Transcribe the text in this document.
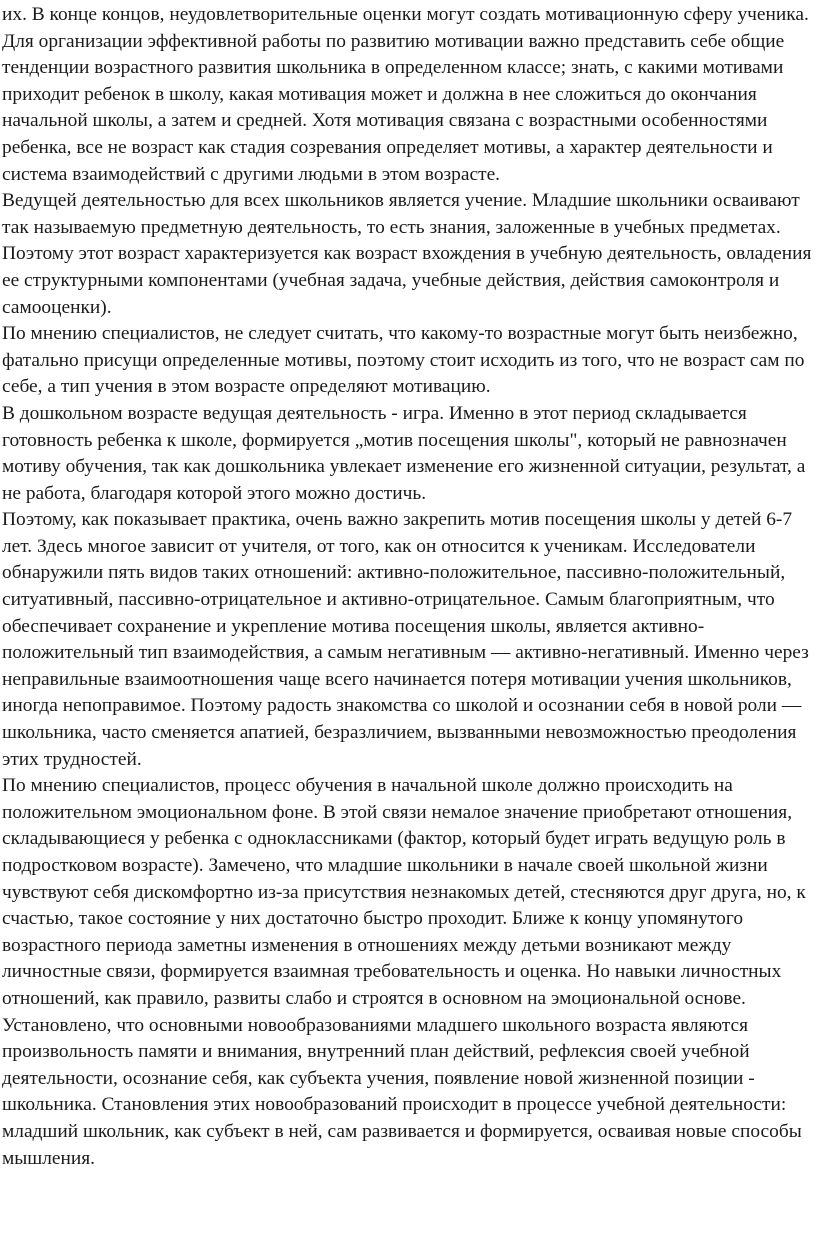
их. В конце концов, неудовлетворительные оценки могут создать мотивационную сферу ученика.

Для организации эффективной работы по развитию мотивации важно представить себе общие тенденции возрастного развития школьника в определенном классе; знать, с какими мотивами приходит ребенок в школу, какая мотивация может и должна в нее сложиться до окончания начальной школы, а затем и средней. Хотя мотивация связана с возрастными особенностями ребенка, все не возраст как стадия созревания определяет мотивы, а характер деятельности и система взаимодействий с другими людьми в этом возрасте.

Ведущей деятельностью для всех школьников является учение. Младшие школьники осваивают так называемую предметную деятельность, то есть знания, заложенные в учебных предметах. Поэтому этот возраст характеризуется как возраст вхождения в учебную деятельность, овладения ее структурными компонентами (учебная задача, учебные действия, действия самоконтроля и самооценки).

По мнению специалистов, не следует считать, что какому-то возрастные могут быть неизбежно, фатально присущи определенные мотивы, поэтому стоит исходить из того, что не возраст сам по себе, а тип учения в этом возрасте определяют мотивацию.

В дошкольном возрасте ведущая деятельность - игра. Именно в этот период складывается готовность ребенка к школе, формируется „мотив посещения школы", который не равнозначен мотиву обучения, так как дошкольника увлекает изменение его жизненной ситуации, результат, а не работа, благодаря которой этого можно достичь.

Поэтому, как показывает практика, очень важно закрепить мотив посещения школы у детей 6-7 лет. Здесь многое зависит от учителя, от того, как он относится к ученикам. Исследователи обнаружили пять видов таких отношений: активно-положительное, пассивно-положительный, ситуативный, пассивно-отрицательное и активно-отрицательное. Самым благоприятным, что обеспечивает сохранение и укрепление мотива посещения школы, является активно-положительный тип взаимодействия, а самым негативным — активно-негативный. Именно через неправильные взаимоотношения чаще всего начинается потеря мотивации учения школьников, иногда непоправимое. Поэтому радость знакомства со школой и осознании себя в новой роли — школьника, часто сменяется апатией, безразличием, вызванными невозможностью преодоления этих трудностей.

По мнению специалистов, процесс обучения в начальной школе должно происходить на положительном эмоциональном фоне. В этой связи немалое значение приобретают отношения, складывающиеся у ребенка с одноклассниками (фактор, который будет играть ведущую роль в подростковом возрасте). Замечено, что младшие школьники в начале своей школьной жизни чувствуют себя дискомфортно из-за присутствия незнакомых детей, стесняются друг друга, но, к счастью, такое состояние у них достаточно быстро проходит. Ближе к концу упомянутого возрастного периода заметны изменения в отношениях между детьми возникают между личностные связи, формируется взаимная требовательность и оценка. Но навыки личностных отношений, как правило, развиты слабо и строятся в основном на эмоциональной основе.

Установлено, что основными новообразованиями младшего школьного возраста являются произвольность памяти и внимания, внутренний план действий, рефлексия своей учебной деятельности, осознание себя, как субъекта учения, появление новой жизненной позиции - школьника. Становления этих новообразований происходит в процессе учебной деятельности: младший школьник, как субъект в ней, сам развивается и формируется, осваивая новые способы мышления.
